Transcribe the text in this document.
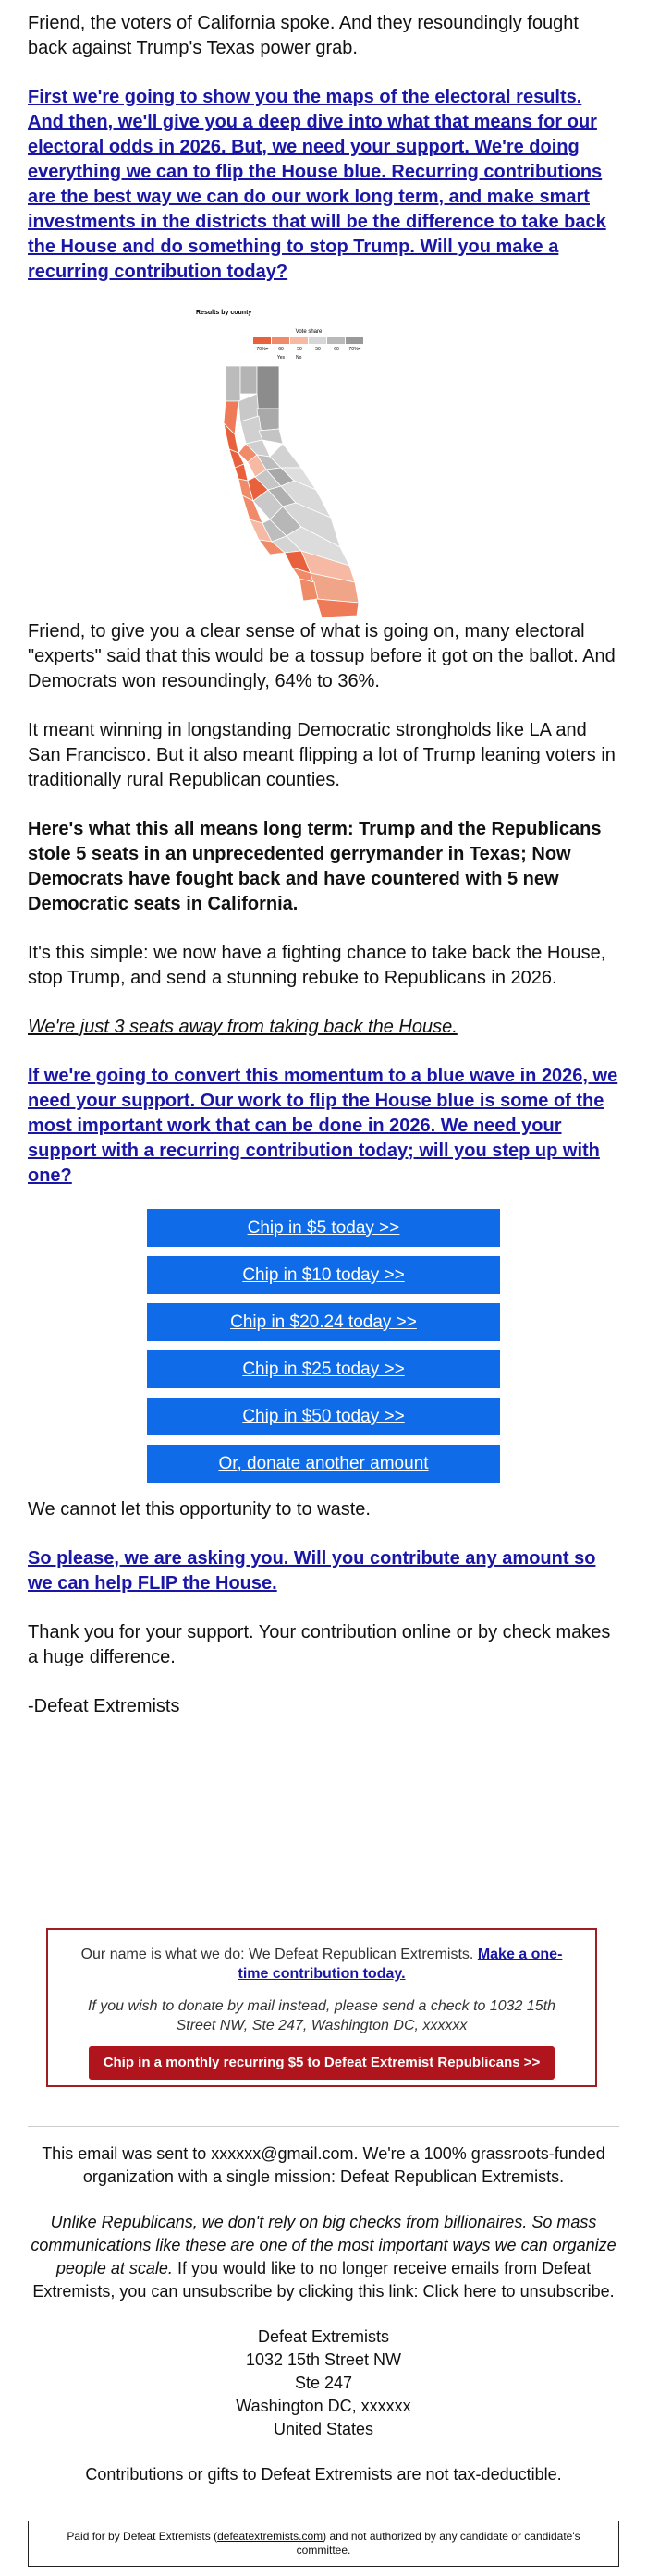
Friend, the voters of California spoke. And they resoundingly fought back against Trump's Texas power grab.

First we're going to show you the maps of the electoral results. And then, we'll give you a deep dive into what that means for our electoral odds in 2026. But, we need your support. We're doing everything we can to flip the House blue. Recurring contributions are the best way we can do our work long term, and make smart investments in the districts that will be the difference to take back the House and do something to stop Trump. Will you make a recurring contribution today?

Results by county
Vote share
70%+ 60	50	50	60 70%+
Yes No

Friend, to give you a clear sense of what is going on, many electoral "experts" said that this would be a tossup before it got on the ballot. And Democrats won resoundingly, 64% to 36%.

It meant winning in longstanding Democratic strongholds like LA and San Francisco. But it also meant flipping a lot of Trump leaning voters in traditionally rural Republican counties.

Here's what this all means long term: Trump and the Republicans stole 5 seats in an unprecedented gerrymander in Texas; Now Democrats have fought back and have countered with 5 new Democratic seats in California.

It's this simple: we now have a fighting chance to take back the House, stop Trump, and send a stunning rebuke to Republicans in 2026.

We're just 3 seats away from taking back the House.

If we're going to convert this momentum to a blue wave in 2026, we need your support. Our work to flip the House blue is some of the most important work that can be done in 2026. We need your support with a recurring contribution today; will you step up with one?

Chip in $5 today >>
Chip in $10 today >>
Chip in $20.24 today >>
Chip in $25 today >>
Chip in $50 today >>
Or, donate another amount

We cannot let this opportunity to to waste.

So please, we are asking you. Will you contribute any amount so we can help FLIP the House.

Thank you for your support. Your contribution online or by check makes a huge difference.

-Defeat Extremists

Our name is what we do: We Defeat Republican Extremists. Make a one-time contribution today.

If you wish to donate by mail instead, please send a check to 1032 15th Street NW, Ste 247, Washington DC, xxxxxx

Chip in a monthly recurring $5 to Defeat Extremist Republicans >>

This email was sent to xxxxxx@gmail.com. We're a 100% grassroots-funded organization with a single mission: Defeat Republican Extremists.

Unlike Republicans, we don't rely on big checks from billionaires. So mass communications like these are one of the most important ways we can organize people at scale. If you would like to no longer receive emails from Defeat Extremists, you can unsubscribe by clicking this link: Click here to unsubscribe.

Defeat Extremists

1032 15th Street NW

Ste 247

Washington DC, xxxxxx

United States

Contributions or gifts to Defeat Extremists are not tax-deductible.

Paid for by Defeat Extremists (defeatextremists.com) and not authorized by any candidate or candidate's committee.
